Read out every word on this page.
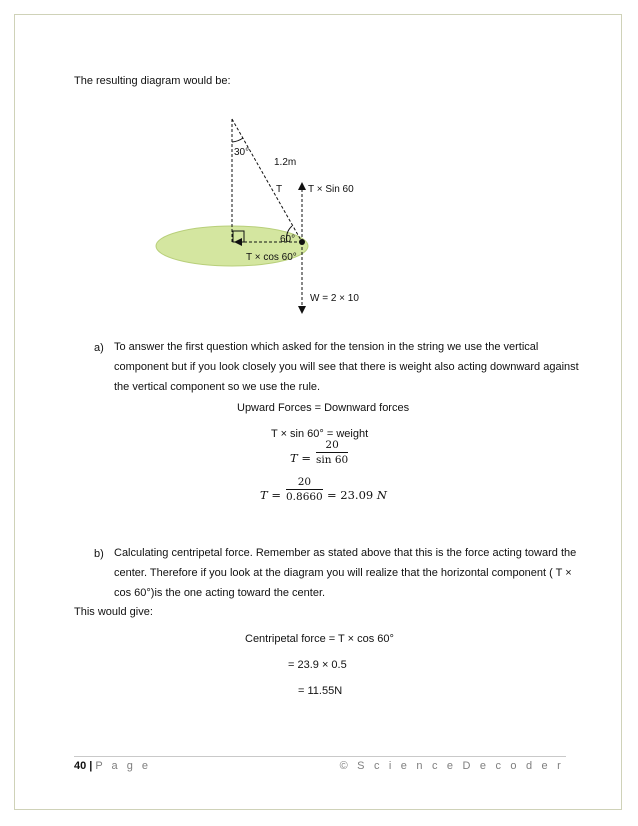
The resulting diagram would be:
30°
1.2m
T	T × Sin 60
60°
T × cos 60°
W = 2 × 10
a) To answer the first question which asked for the tension in the string we use the vertical
component but if you look closely you will see that there is weight also acting downward against
the vertical component so we use the rule.
Upward Forces = Downward forces
T × sin 60° = weight
T =
20
sin 60
T =
20
0.8660 = 23.09 N
b) Calculating centripetal force. Remember as stated above that this is the force acting toward the
center. Therefore if you look at the diagram you will realize that the horizontal component ( T ×
cos 60°)is the one acting toward the center.
This would give:
Centripetal force = T × cos 60°
= 23.9 × 0.5
= 11.55N
40 | P a g e	© S c i e n c e D e c o d e r
